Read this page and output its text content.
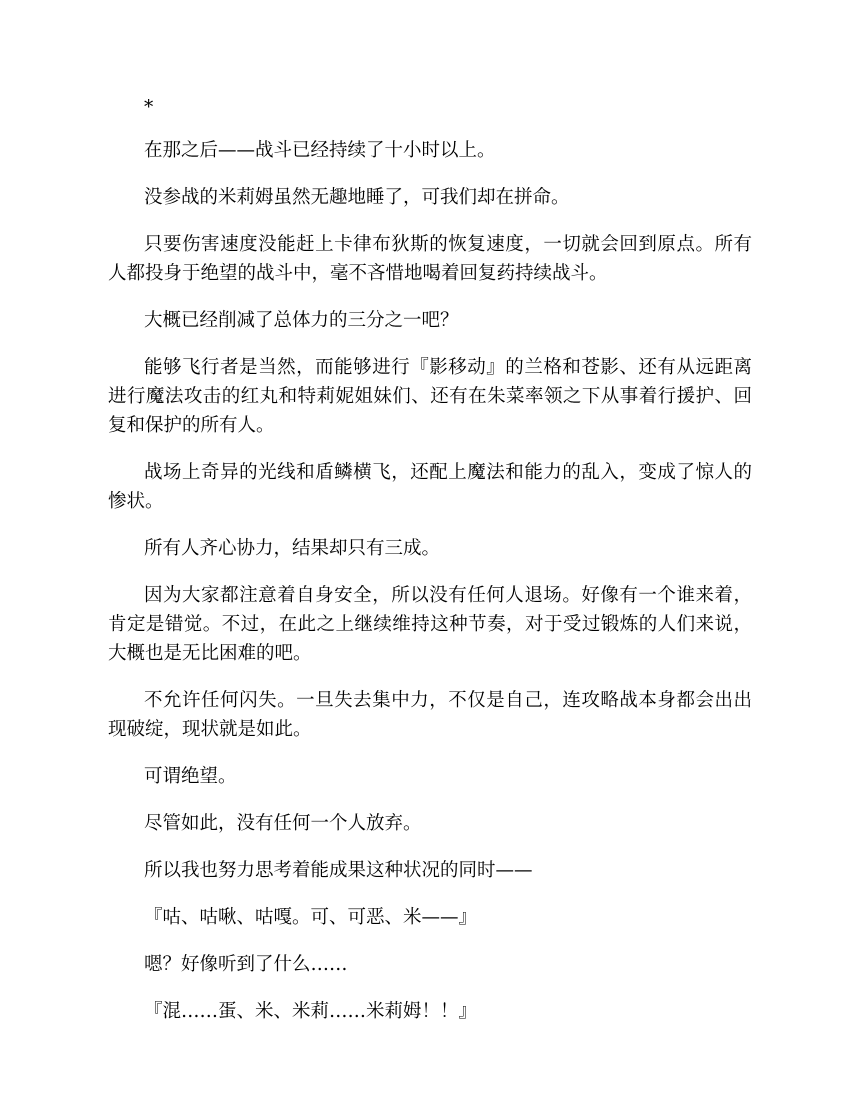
*

在那之后——战斗已经持续了十小时以上。

没参战的米莉姆虽然无趣地睡了，可我们却在拼命。

只要伤害速度没能赶上卡律布狄斯的恢复速度，一切就会回到原点。所有人都投身于绝望的战斗中，毫不吝惜地喝着回复药持续战斗。

大概已经削减了总体力的三分之一吧？

能够飞行者是当然，而能够进行『影移动』的兰格和苍影、还有从远距离进行魔法攻击的红丸和特莉妮姐妹们、还有在朱菜率领之下从事着行援护、回复和保护的所有人。

战场上奇异的光线和盾鳞横飞，还配上魔法和能力的乱入，变成了惊人的惨状。

所有人齐心协力，结果却只有三成。

因为大家都注意着自身安全，所以没有任何人退场。好像有一个谁来着，肯定是错觉。不过，在此之上继续维持这种节奏，对于受过锻炼的人们来说，大概也是无比困难的吧。

不允许任何闪失。一旦失去集中力，不仅是自己，连攻略战本身都会出出现破绽，现状就是如此。

可谓绝望。

尽管如此，没有任何一个人放弃。

所以我也努力思考着能成果这种状况的同时——

『咕、咕啾、咕嘎。可、可恶、米——』

嗯？好像听到了什么……

『混……蛋、米、米莉……米莉姆！！』
